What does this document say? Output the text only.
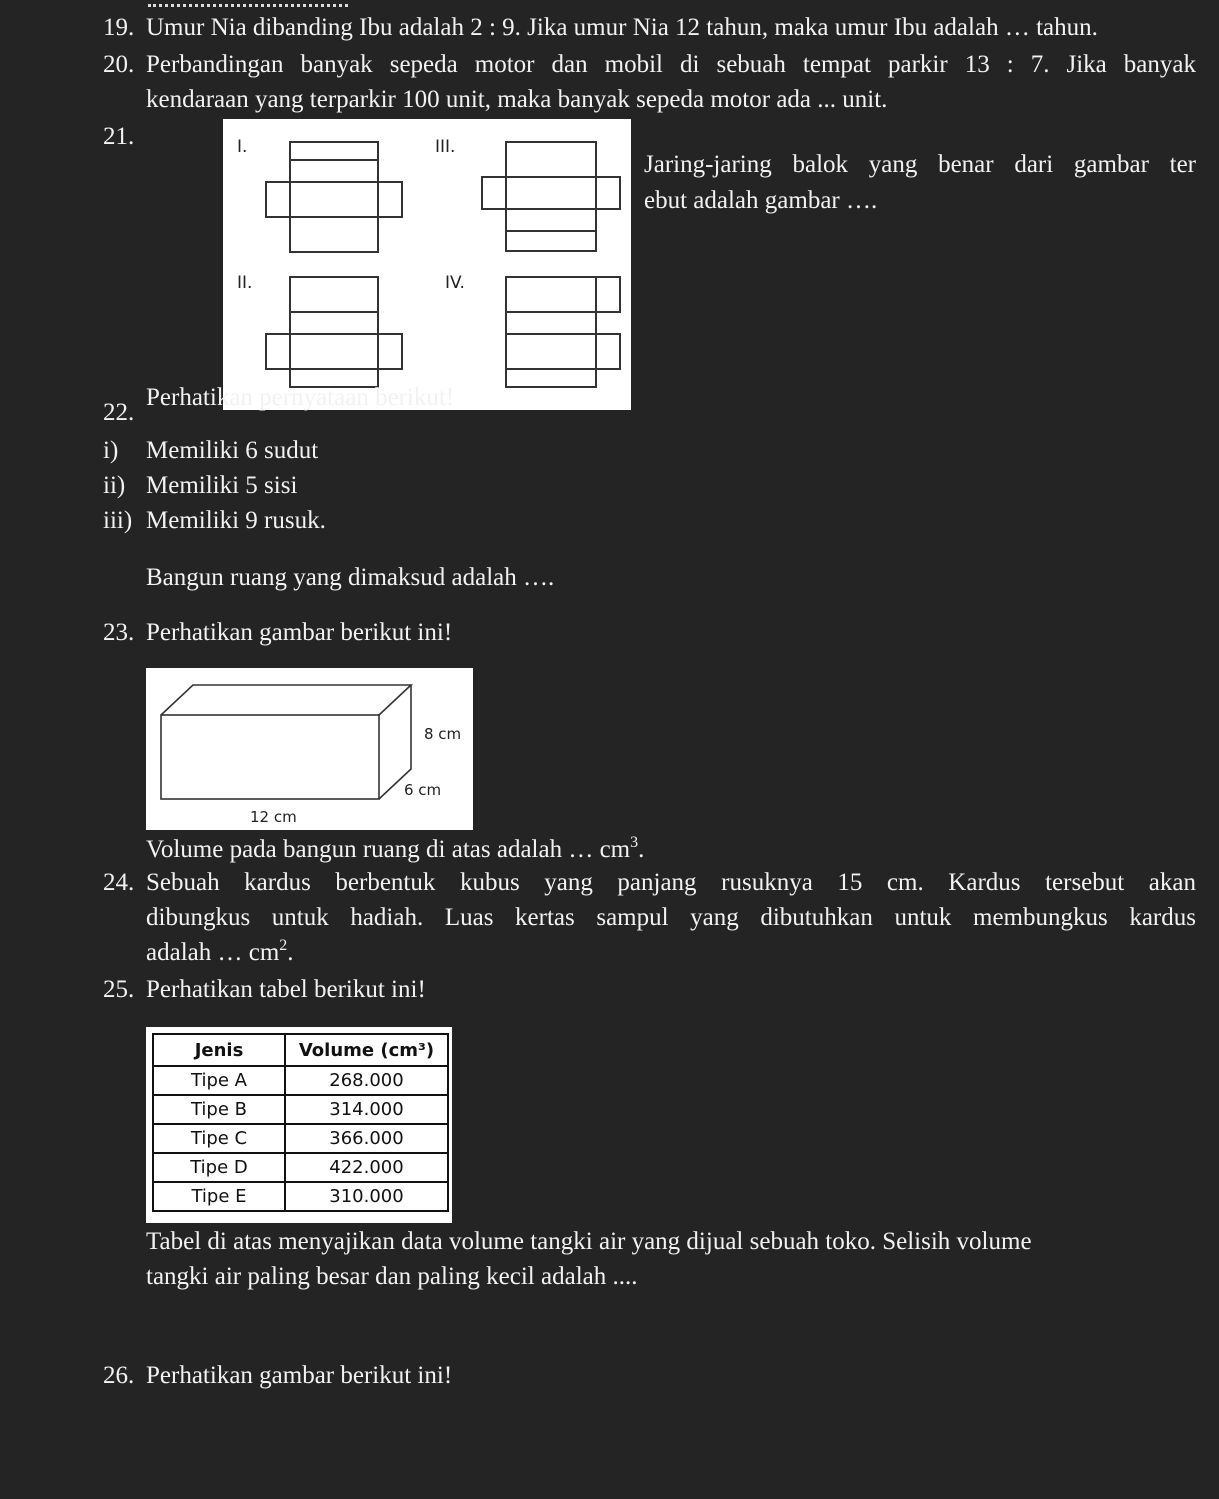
19. Umur Nia dibanding Ibu adalah 2 : 9. Jika umur Nia 12 tahun, maka umur Ibu adalah … tahun.
20. Perbandingan banyak sepeda motor dan mobil di sebuah tempat parkir 13 : 7. Jika banyak
kendaraan yang terparkir 100 unit, maka banyak sepeda motor ada ... unit.
21.
Jaring-jaring balok yang benar dari gambar ter
ebut adalah gambar ….
I.
II.
III.
IV.
22.
Perhatikan pernyataan berikut!
i) Memiliki 6 sudut
ii) Memiliki 5 sisi
iii) Memiliki 9 rusuk.
Bangun ruang yang dimaksud adalah ….
23. Perhatikan gambar berikut ini!
8 cm
6 cm
12 cm
Volume pada bangun ruang di atas adalah … $cm^3$.
24. Sebuah kardus berbentuk kubus yang panjang rusuknya 15 cm. Kardus tersebut akan
dibungkus untuk hadiah. Luas kertas sampul yang dibutuhkan untuk membungkus kardus
adalah … $cm^2$.
25. Perhatikan tabel berikut ini!
Jenis	Volume (cm³)
Tipe A	268.000
Tipe B	314.000
Tipe C	366.000
Tipe D	422.000
Tipe E	310.000
Tabel di atas menyajikan data volume tangki air yang dijual sebuah toko. Selisih volume
tangki air paling besar dan paling kecil adalah ....
26. Perhatikan gambar berikut ini!
